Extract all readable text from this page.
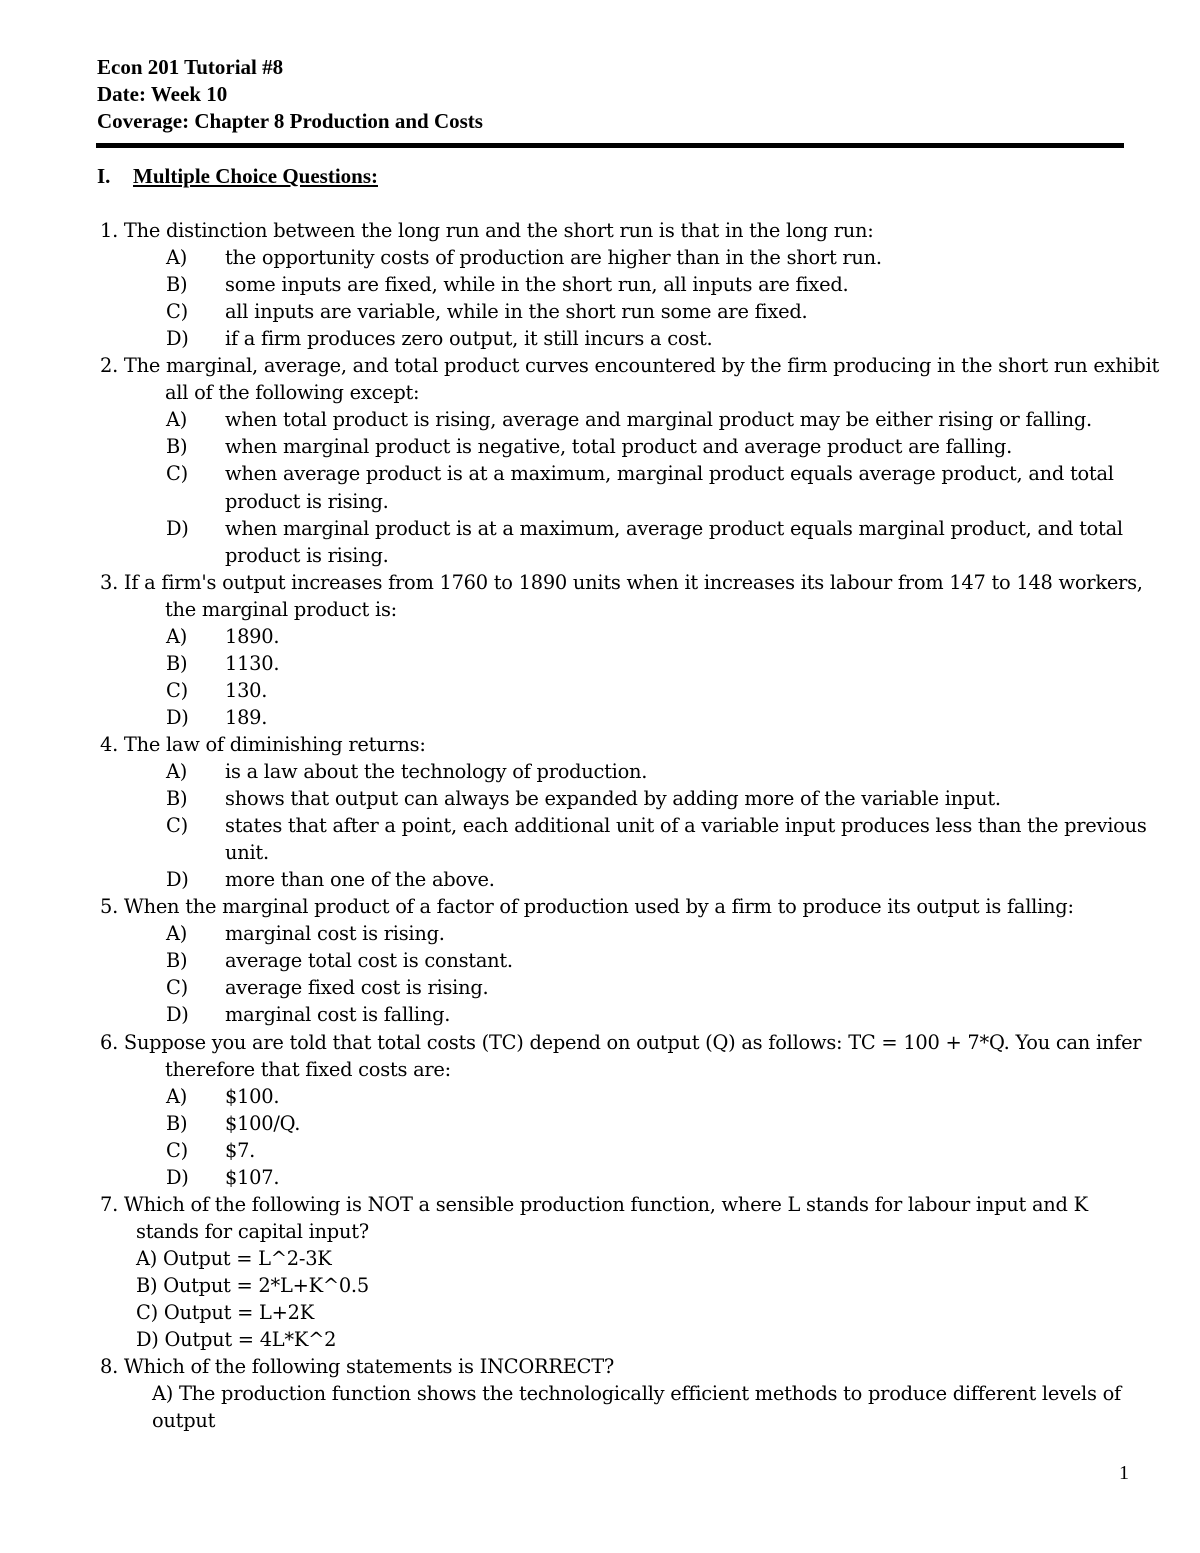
Econ 201 Tutorial #8
Date: Week 10
Coverage: Chapter 8 Production and Costs
I. Multiple Choice Questions:
1. The distinction between the long run and the short run is that in the long run:
A) the opportunity costs of production are higher than in the short run.
B) some inputs are fixed, while in the short run, all inputs are fixed.
C) all inputs are variable, while in the short run some are fixed.
D) if a firm produces zero output, it still incurs a cost.
2. The marginal, average, and total product curves encountered by the firm producing in the short run exhibit
all of the following except:
A) when total product is rising, average and marginal product may be either rising or falling.
B) when marginal product is negative, total product and average product are falling.
C) when average product is at a maximum, marginal product equals average product, and total
product is rising.
D) when marginal product is at a maximum, average product equals marginal product, and total
product is rising.
3. If a firm's output increases from 1760 to 1890 units when it increases its labour from 147 to 148 workers,
the marginal product is:
A) 1890.
B) 1130.
C) 130.
D) 189.
4. The law of diminishing returns:
A) is a law about the technology of production.
B) shows that output can always be expanded by adding more of the variable input.
C) states that after a point, each additional unit of a variable input produces less than the previous
unit.
D) more than one of the above.
5. When the marginal product of a factor of production used by a firm to produce its output is falling:
A) marginal cost is rising.
B) average total cost is constant.
C) average fixed cost is rising.
D) marginal cost is falling.
6. Suppose you are told that total costs (TC) depend on output (Q) as follows: TC = 100 + 7*Q. You can infer
therefore that fixed costs are:
A) $100.
B) $100/Q.
C) $7.
D) $107.
7. Which of the following is NOT a sensible production function, where L stands for labour input and K
stands for capital input?
A) Output = L^2-3K
B) Output = 2*L+K^0.5
C) Output = L+2K
D) Output = 4L*K^2
8. Which of the following statements is INCORRECT?
A) The production function shows the technologically efficient methods to produce different levels of
output
1
